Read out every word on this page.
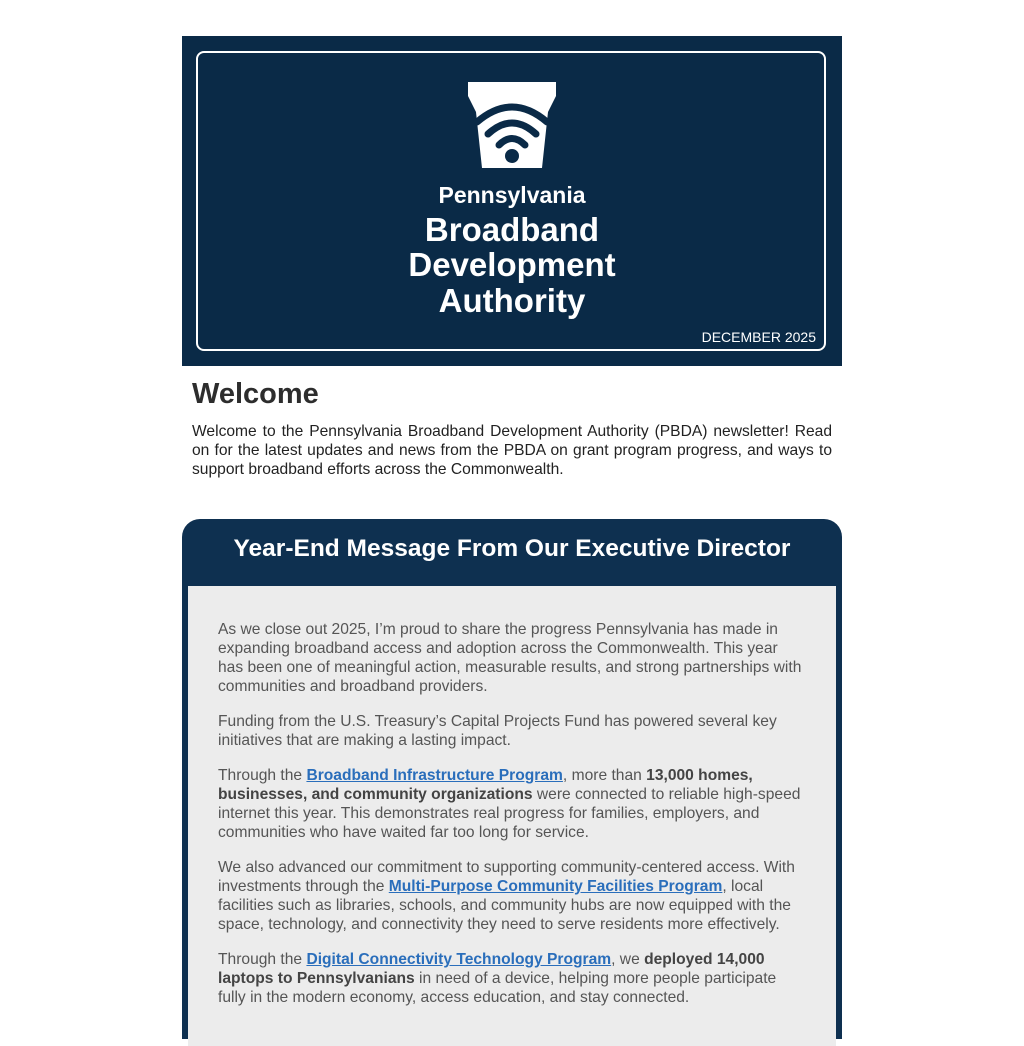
Pennsylvania
Broadband
Development
Authority
DECEMBER 2025
Welcome

Welcome to the Pennsylvania Broadband Development Authority (PBDA) newsletter! Read on for the latest updates and news from the PBDA on grant program progress, and ways to support broadband efforts across the Commonwealth.

Year-End Message From Our Executive Director

As we close out 2025, I’m proud to share the progress Pennsylvania has made in expanding broadband access and adoption across the Commonwealth. This year has been one of meaningful action, measurable results, and strong partnerships with communities and broadband providers.

Funding from the U.S. Treasury’s Capital Projects Fund has powered several key initiatives that are making a lasting impact.

Through the Broadband Infrastructure Program, more than 13,000 homes, businesses, and community organizations were connected to reliable high-speed internet this year. This demonstrates real progress for families, employers, and communities who have waited far too long for service.

We also advanced our commitment to supporting community-centered access. With investments through the Multi-Purpose Community Facilities Program, local facilities such as libraries, schools, and community hubs are now equipped with the space, technology, and connectivity they need to serve residents more effectively.

Through the Digital Connectivity Technology Program, we deployed 14,000 laptops to Pennsylvanians in need of a device, helping more people participate fully in the modern economy, access education, and stay connected.
